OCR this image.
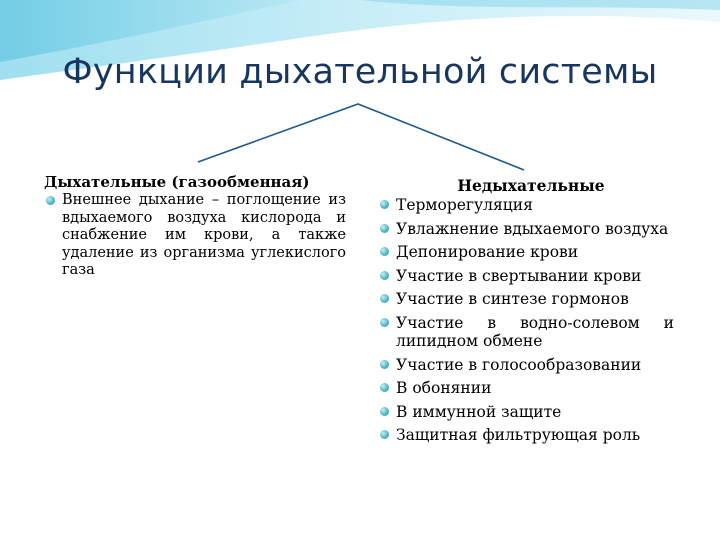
Функции дыхательной системы
Дыхательные (газообменная)
Внешнее дыхание – поглощение из вдыхаемого воздуха кислорода и снабжение им крови, а также удаление из организма углекислого газа
Недыхательные
Терморегуляция
Увлажнение вдыхаемого воздуха
Депонирование крови
Участие в свертывании крови
Участие в синтезе гормонов
Участие в водно-солевом и липидном обмене
Участие в голосообразовании
В обонянии
В иммунной защите
Защитная фильтрующая роль
